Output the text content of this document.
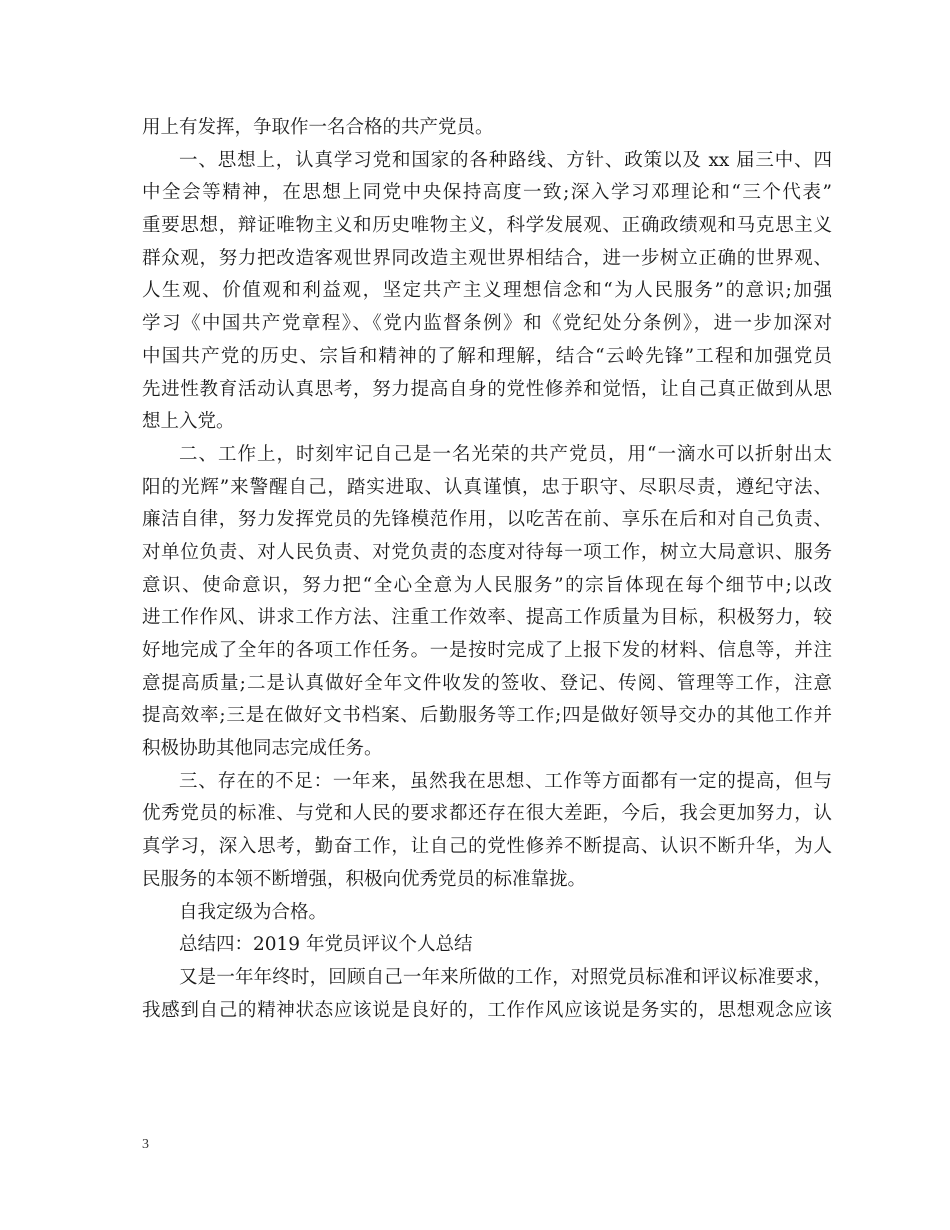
用上有发挥，争取作一名合格的共产党员。
一、思想上，认真学习党和国家的各种路线、方针、政策以及 xx 届三中、四
中全会等精神，在思想上同党中央保持高度一致;深入学习邓理论和“三个代表”
重要思想，辩证唯物主义和历史唯物主义，科学发展观、正确政绩观和马克思主义
群众观，努力把改造客观世界同改造主观世界相结合，进一步树立正确的世界观、
人生观、价值观和利益观，坚定共产主义理想信念和“为人民服务”的意识;加强
学习《中国共产党章程》、《党内监督条例》和《党纪处分条例》，进一步加深对
中国共产党的历史、宗旨和精神的了解和理解，结合“云岭先锋”工程和加强党员
先进性教育活动认真思考，努力提高自身的党性修养和觉悟，让自己真正做到从思
想上入党。
二、工作上，时刻牢记自己是一名光荣的共产党员，用“一滴水可以折射出太
阳的光辉”来警醒自己，踏实进取、认真谨慎，忠于职守、尽职尽责，遵纪守法、
廉洁自律，努力发挥党员的先锋模范作用，以吃苦在前、享乐在后和对自己负责、
对单位负责、对人民负责、对党负责的态度对待每一项工作，树立大局意识、服务
意识、使命意识，努力把“全心全意为人民服务”的宗旨体现在每个细节中;以改
进工作作风、讲求工作方法、注重工作效率、提高工作质量为目标，积极努力，较
好地完成了全年的各项工作任务。一是按时完成了上报下发的材料、信息等，并注
意提高质量;二是认真做好全年文件收发的签收、登记、传阅、管理等工作，注意
提高效率;三是在做好文书档案、后勤服务等工作;四是做好领导交办的其他工作并
积极协助其他同志完成任务。
三、存在的不足：一年来，虽然我在思想、工作等方面都有一定的提高，但与
优秀党员的标准、与党和人民的要求都还存在很大差距，今后，我会更加努力，认
真学习，深入思考，勤奋工作，让自己的党性修养不断提高、认识不断升华，为人
民服务的本领不断增强，积极向优秀党员的标准靠拢。
自我定级为合格。
总结四：2019 年党员评议个人总结
又是一年年终时，回顾自己一年来所做的工作，对照党员标准和评议标准要求，
我感到自己的精神状态应该说是良好的，工作作风应该说是务实的，思想观念应该
3
